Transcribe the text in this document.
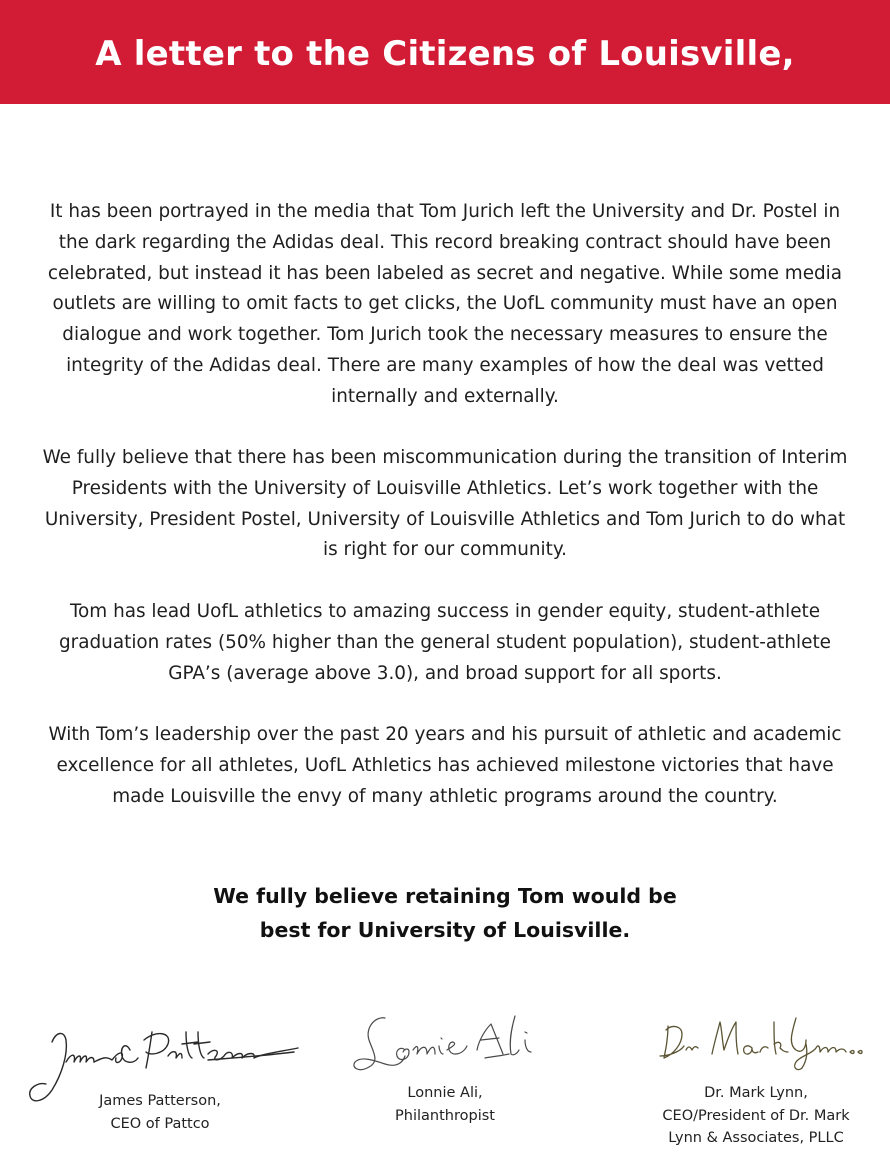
A letter to the Citizens of Louisville,

It has been portrayed in the media that Tom Jurich left the University and Dr. Postel in the dark regarding the Adidas deal. This record breaking contract should have been celebrated, but instead it has been labeled as secret and negative. While some media outlets are willing to omit facts to get clicks, the UofL community must have an open dialogue and work together. Tom Jurich took the necessary measures to ensure the integrity of the Adidas deal. There are many examples of how the deal was vetted internally and externally.

We fully believe that there has been miscommunication during the transition of Interim Presidents with the University of Louisville Athletics. Let’s work together with the University, President Postel, University of Louisville Athletics and Tom Jurich to do what is right for our community.

Tom has lead UofL athletics to amazing success in gender equity, student-athlete graduation rates (50% higher than the general student population), student-athlete GPA’s (average above 3.0), and broad support for all sports.

With Tom’s leadership over the past 20 years and his pursuit of athletic and academic excellence for all athletes, UofL Athletics has achieved milestone victories that have made Louisville the envy of many athletic programs around the country.

We fully believe retaining Tom would be
best for University of Louisville.

James Patterson,
CEO of Pattco

Lonnie Ali,
Philanthropist

Dr. Mark Lynn,
CEO/President of Dr. Mark
Lynn & Associates, PLLC
